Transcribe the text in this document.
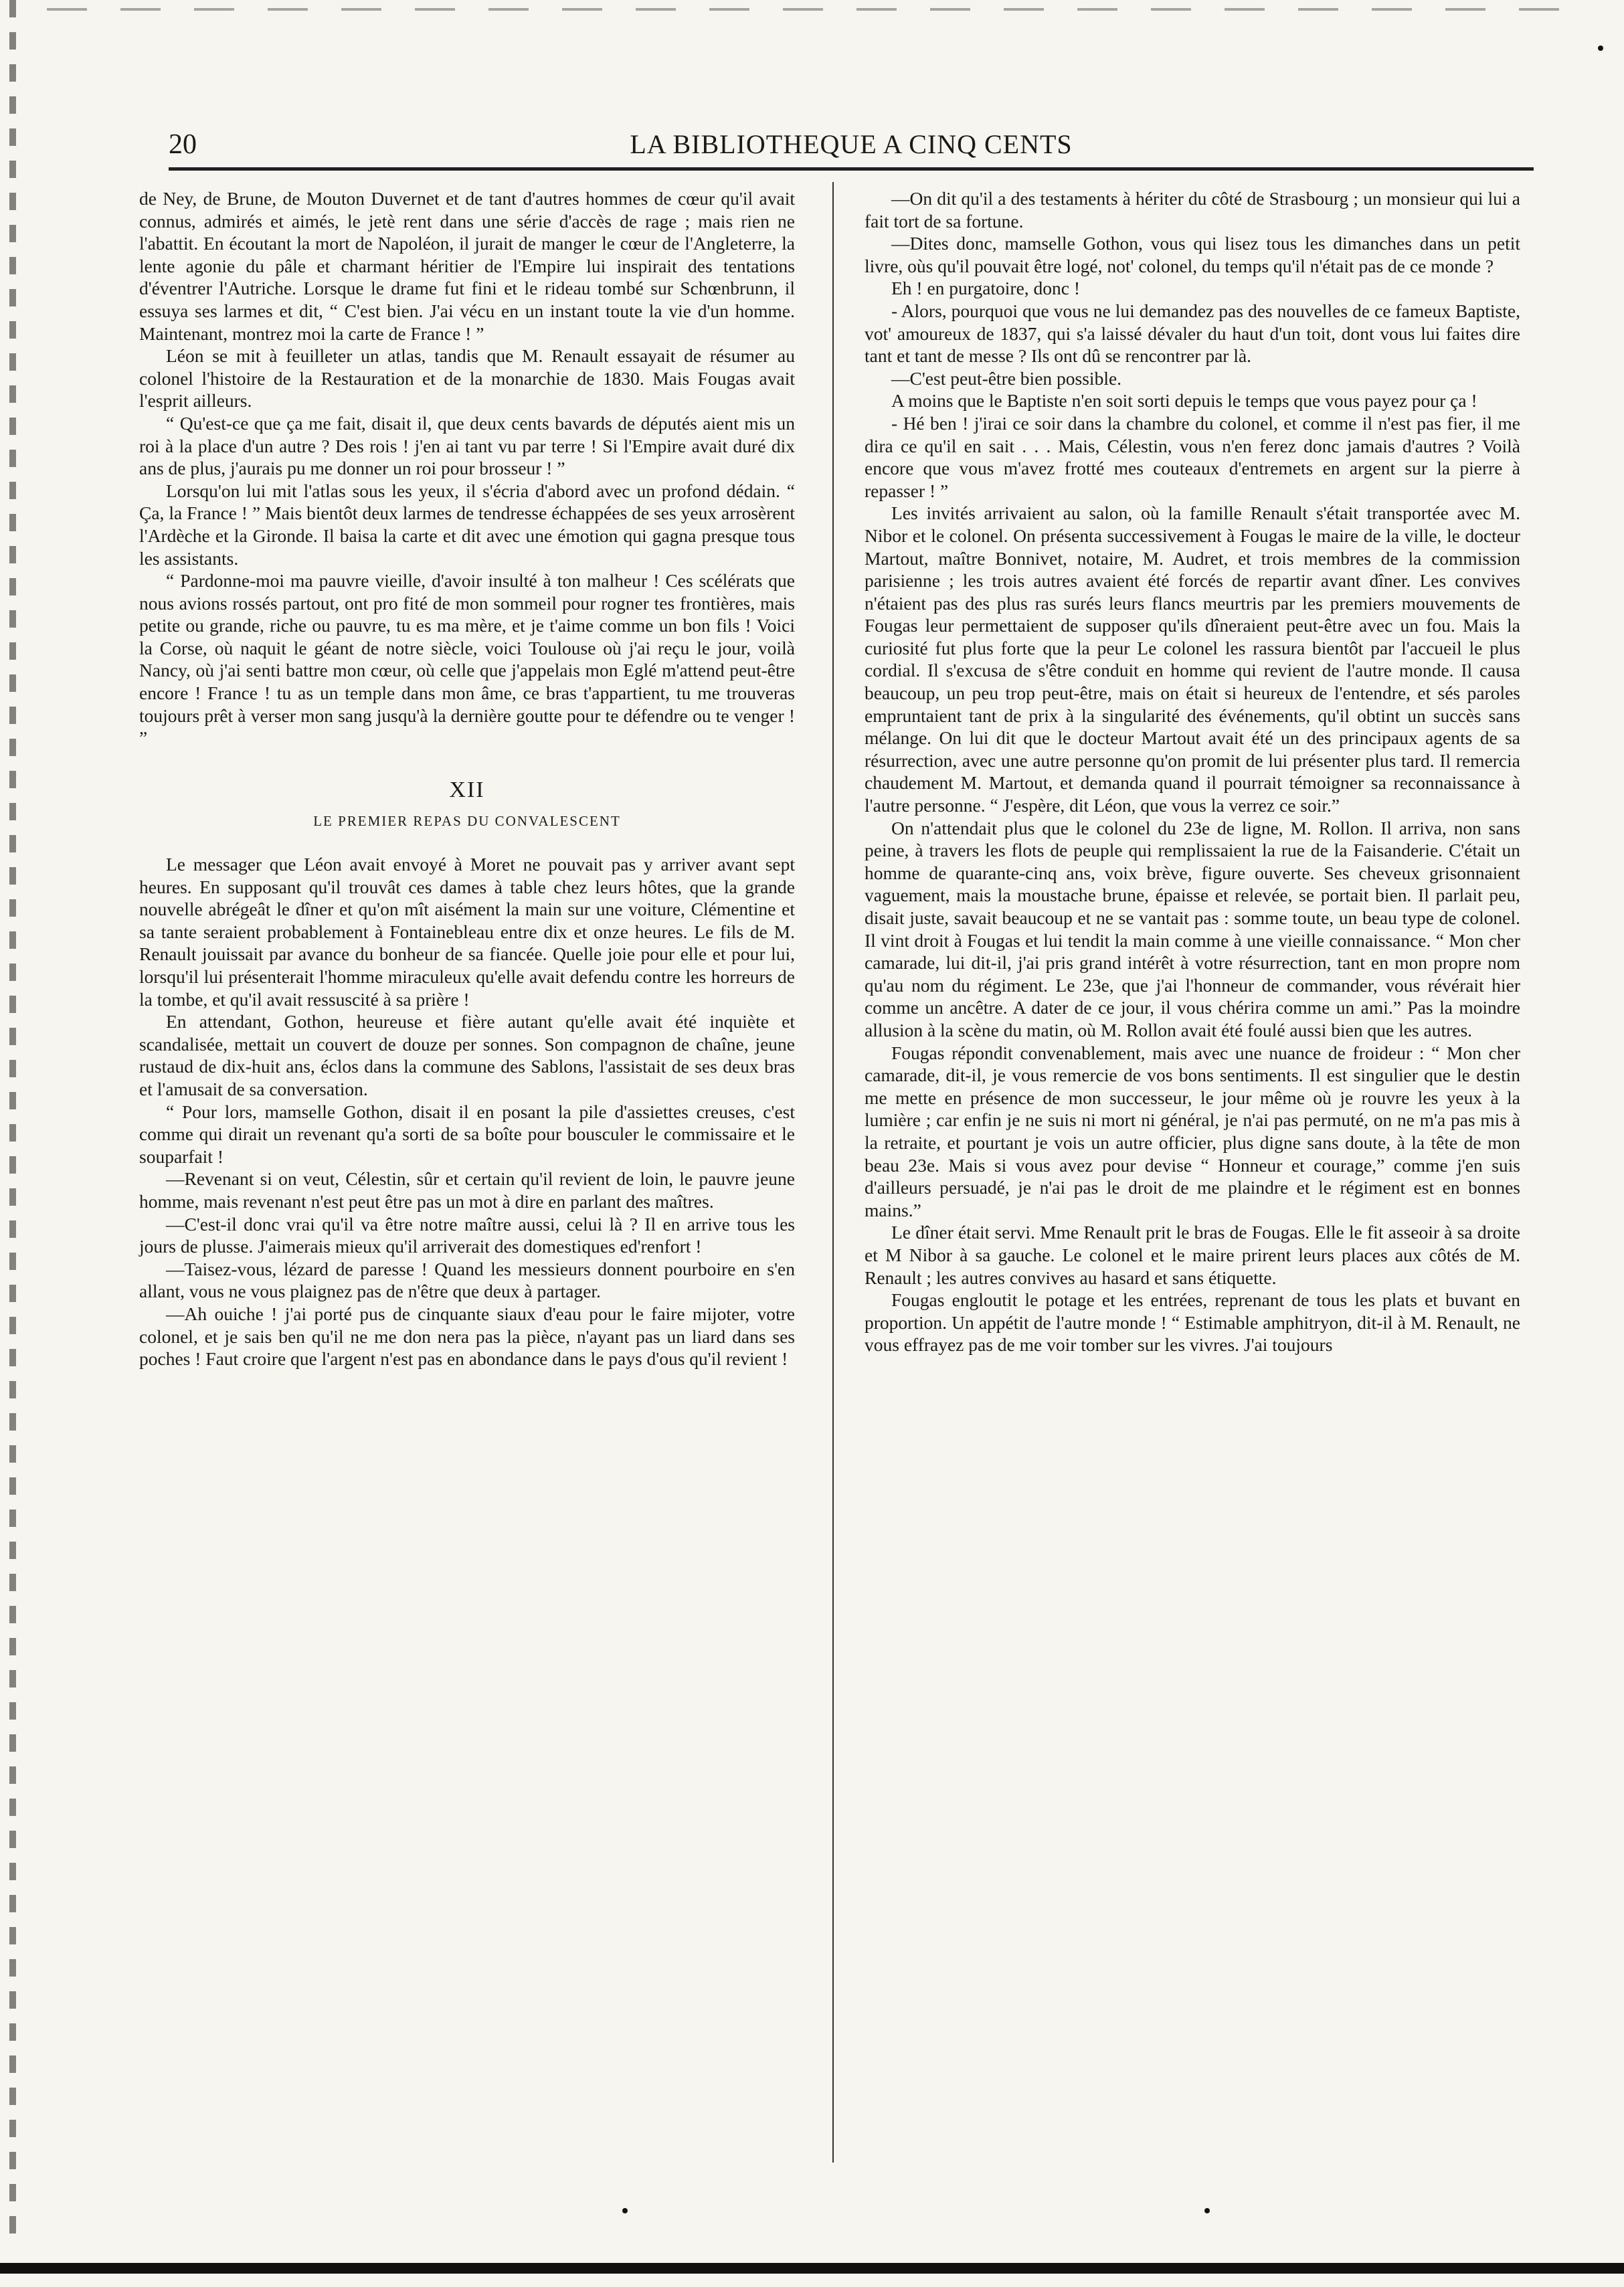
20	LA BIBLIOTHEQUE A CINQ CENTS

de Ney, de Brune, de Mouton Duvernet et de tant d'autres hommes de cœur qu'il avait connus, admirés et aimés, le jetè rent dans une série d'accès de rage ; mais rien ne l'abattit. En écoutant la mort de Napoléon, il jurait de manger le cœur de l'Angleterre, la lente agonie du pâle et charmant héritier de l'Empire lui inspirait des tentations d'éventrer l'Autriche. Lorsque le drame fut fini et le rideau tombé sur Schœnbrunn, il essuya ses larmes et dit, “ C'est bien. J'ai vécu en un instant toute la vie d'un homme. Maintenant, montrez moi la carte de France ! ”

Léon se mit à feuilleter un atlas, tandis que M. Renault essayait de résumer au colonel l'histoire de la Restauration et de la monarchie de 1830. Mais Fougas avait l'esprit ailleurs.

“ Qu'est-ce que ça me fait, disait il, que deux cents bavards de députés aient mis un roi à la place d'un autre ? Des rois ! j'en ai tant vu par terre ! Si l'Empire avait duré dix ans de plus, j'aurais pu me donner un roi pour brosseur ! ”

Lorsqu'on lui mit l'atlas sous les yeux, il s'écria d'abord avec un profond dédain. “ Ça, la France ! ” Mais bientôt deux larmes de tendresse échappées de ses yeux arrosèrent l'Ardèche et la Gironde. Il baisa la carte et dit avec une émotion qui gagna presque tous les assistants.

“ Pardonne-moi ma pauvre vieille, d'avoir insulté à ton malheur ! Ces scélérats que nous avions rossés partout, ont pro fité de mon sommeil pour rogner tes frontières, mais petite ou grande, riche ou pauvre, tu es ma mère, et je t'aime comme un bon fils ! Voici la Corse, où naquit le géant de notre siècle, voici Toulouse où j'ai reçu le jour, voilà Nancy, où j'ai senti battre mon cœur, où celle que j'appelais mon Eglé m'attend peut-être encore ! France ! tu as un temple dans mon âme, ce bras t'appartient, tu me trouveras toujours prêt à verser mon sang jusqu'à la dernière goutte pour te défendre ou te venger ! ”

XII
LE PREMIER REPAS DU CONVALESCENT

Le messager que Léon avait envoyé à Moret ne pouvait pas y arriver avant sept heures. En supposant qu'il trouvât ces dames à table chez leurs hôtes, que la grande nouvelle abrégeât le dîner et qu'on mît aisément la main sur une voiture, Clémentine et sa tante seraient probablement à Fontainebleau entre dix et onze heures. Le fils de M. Renault jouissait par avance du bonheur de sa fiancée. Quelle joie pour elle et pour lui, lorsqu'il lui présenterait l'homme miraculeux qu'elle avait defendu contre les horreurs de la tombe, et qu'il avait ressuscité à sa prière !

En attendant, Gothon, heureuse et fière autant qu'elle avait été inquiète et scandalisée, mettait un couvert de douze per sonnes. Son compagnon de chaîne, jeune rustaud de dix-huit ans, éclos dans la commune des Sablons, l'assistait de ses deux bras et l'amusait de sa conversation.

“ Pour lors, mamselle Gothon, disait il en posant la pile d'assiettes creuses, c'est comme qui dirait un revenant qu'a sorti de sa boîte pour bousculer le commissaire et le souparfait !

—Revenant si on veut, Célestin, sûr et certain qu'il revient de loin, le pauvre jeune homme, mais revenant n'est peut être pas un mot à dire en parlant des maîtres.

—C'est-il donc vrai qu'il va être notre maître aussi, celui là ? Il en arrive tous les jours de plusse. J'aimerais mieux qu'il arriverait des domestiques ed'renfort !

—Taisez-vous, lézard de paresse ! Quand les messieurs donnent pourboire en s'en allant, vous ne vous plaignez pas de n'être que deux à partager.

—Ah ouiche ! j'ai porté pus de cinquante siaux d'eau pour le faire mijoter, votre colonel, et je sais ben qu'il ne me don nera pas la pièce, n'ayant pas un liard dans ses poches ! Faut croire que l'argent n'est pas en abondance dans le pays d'ous qu'il revient !

—On dit qu'il a des testaments à hériter du côté de Strasbourg ; un monsieur qui lui a fait tort de sa fortune.

—Dites donc, mamselle Gothon, vous qui lisez tous les dimanches dans un petit livre, oùs qu'il pouvait être logé, not' colonel, du temps qu'il n'était pas de ce monde ?

Eh ! en purgatoire, donc !

- Alors, pourquoi que vous ne lui demandez pas des nouvelles de ce fameux Baptiste, vot' amoureux de 1837, qui s'a laissé dévaler du haut d'un toit, dont vous lui faites dire tant et tant de messe ? Ils ont dû se rencontrer par là.

—C'est peut-être bien possible.

A moins que le Baptiste n'en soit sorti depuis le temps que vous payez pour ça !

- Hé ben ! j'irai ce soir dans la chambre du colonel, et comme il n'est pas fier, il me dira ce qu'il en sait . . . Mais, Célestin, vous n'en ferez donc jamais d'autres ? Voilà encore que vous m'avez frotté mes couteaux d'entremets en argent sur la pierre à repasser ! ”

Les invités arrivaient au salon, où la famille Renault s'était transportée avec M. Nibor et le colonel. On présenta successivement à Fougas le maire de la ville, le docteur Martout, maître Bonnivet, notaire, M. Audret, et trois membres de la commission parisienne ; les trois autres avaient été forcés de repartir avant dîner. Les convives n'étaient pas des plus ras surés leurs flancs meurtris par les premiers mouvements de Fougas leur permettaient de supposer qu'ils dîneraient peut-être avec un fou. Mais la curiosité fut plus forte que la peur Le colonel les rassura bientôt par l'accueil le plus cordial. Il s'excusa de s'être conduit en homme qui revient de l'autre monde. Il causa beaucoup, un peu trop peut-être, mais on était si heureux de l'entendre, et sés paroles empruntaient tant de prix à la singularité des événements, qu'il obtint un succès sans mélange. On lui dit que le docteur Martout avait été un des principaux agents de sa résurrection, avec une autre personne qu'on promit de lui présenter plus tard. Il remercia chaudement M. Martout, et demanda quand il pourrait témoigner sa reconnaissance à l'autre personne. “ J'espère, dit Léon, que vous la verrez ce soir.”

On n'attendait plus que le colonel du 23e de ligne, M. Rollon. Il arriva, non sans peine, à travers les flots de peuple qui remplissaient la rue de la Faisanderie. C'était un homme de quarante-cinq ans, voix brève, figure ouverte. Ses cheveux grisonnaient vaguement, mais la moustache brune, épaisse et relevée, se portait bien. Il parlait peu, disait juste, savait beaucoup et ne se vantait pas : somme toute, un beau type de colonel. Il vint droit à Fougas et lui tendit la main comme à une vieille connaissance. “ Mon cher camarade, lui dit-il, j'ai pris grand intérêt à votre résurrection, tant en mon propre nom qu'au nom du régiment. Le 23e, que j'ai l'honneur de commander, vous révérait hier comme un ancêtre. A dater de ce jour, il vous chérira comme un ami.” Pas la moindre allusion à la scène du matin, où M. Rollon avait été foulé aussi bien que les autres.

Fougas répondit convenablement, mais avec une nuance de froideur : “ Mon cher camarade, dit-il, je vous remercie de vos bons sentiments. Il est singulier que le destin me mette en présence de mon successeur, le jour même où je rouvre les yeux à la lumière ; car enfin je ne suis ni mort ni général, je n'ai pas permuté, on ne m'a pas mis à la retraite, et pourtant je vois un autre officier, plus digne sans doute, à la tête de mon beau 23e. Mais si vous avez pour devise “ Honneur et courage,” comme j'en suis d'ailleurs persuadé, je n'ai pas le droit de me plaindre et le régiment est en bonnes mains.”

Le dîner était servi. Mme Renault prit le bras de Fougas. Elle le fit asseoir à sa droite et M Nibor à sa gauche. Le colonel et le maire prirent leurs places aux côtés de M. Renault ; les autres convives au hasard et sans étiquette.

Fougas engloutit le potage et les entrées, reprenant de tous les plats et buvant en proportion. Un appétit de l'autre monde ! “ Estimable amphitryon, dit-il à M. Renault, ne vous effrayez pas de me voir tomber sur les vivres. J'ai toujours
